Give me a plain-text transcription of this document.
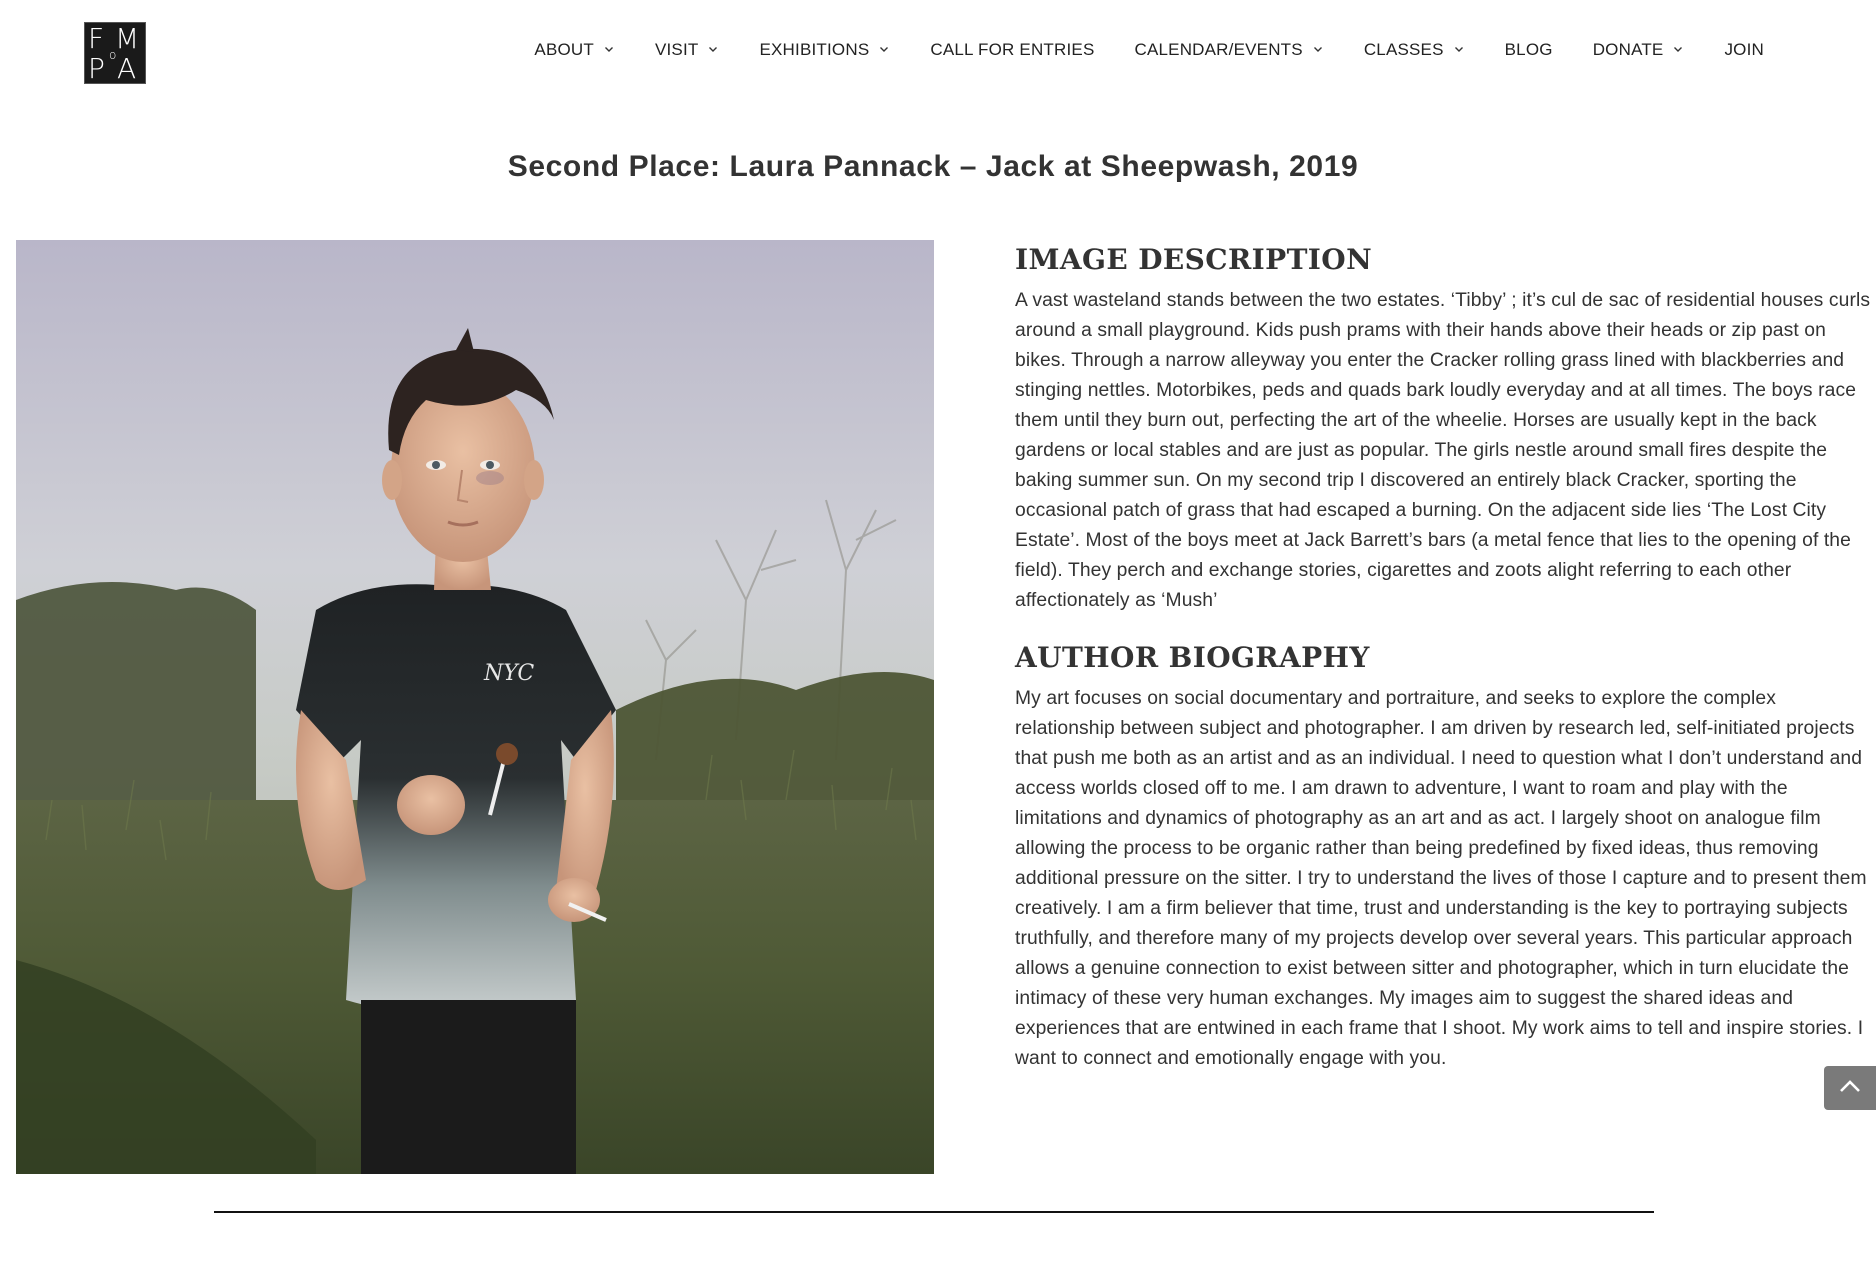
F M
P o A
ABOUT	VISIT	EXHIBITIONS	CALL FOR ENTRIES CALENDAR/EVENTS	CLASSES	BLOG DONATE	JOIN
Second Place: Laura Pannack – Jack at Sheepwash, 2019
NYC
IMAGE DESCRIPTION

A vast wasteland stands between the two estates. ‘Tibby’ ; it’s cul de sac of residential houses curls around a small playground. Kids push prams with their hands above their heads or zip past on bikes. Through a narrow alleyway you enter the Cracker rolling grass lined with blackberries and stinging nettles. Motorbikes, peds and quads bark loudly everyday and at all times. The boys race them until they burn out, perfecting the art of the wheelie. Horses are usually kept in the back gardens or local stables and are just as popular. The girls nestle around small fires despite the baking summer sun. On my second trip I discovered an entirely black Cracker, sporting the occasional patch of grass that had escaped a burning. On the adjacent side lies ‘The Lost City Estate’. Most of the boys meet at Jack Barrett’s bars (a metal fence that lies to the opening of the field). They perch and exchange stories, cigarettes and zoots alight referring to each other affectionately as ‘Mush’

AUTHOR BIOGRAPHY

My art focuses on social documentary and portraiture, and seeks to explore the complex relationship between subject and photographer. I am driven by research led, self-initiated projects that push me both as an artist and as an individual. I need to question what I don’t understand and access worlds closed off to me. I am drawn to adventure, I want to roam and play with the limitations and dynamics of photography as an art and as act. I largely shoot on analogue film allowing the process to be organic rather than being predefined by fixed ideas, thus removing additional pressure on the sitter. I try to understand the lives of those I capture and to present them creatively. I am a firm believer that time, trust and understanding is the key to portraying subjects truthfully, and therefore many of my projects develop over several years. This particular approach allows a genuine connection to exist between sitter and photographer, which in turn elucidate the intimacy of these very human exchanges. My images aim to suggest the shared ideas and experiences that are entwined in each frame that I shoot. My work aims to tell and inspire stories. I want to connect and emotionally engage with you.
